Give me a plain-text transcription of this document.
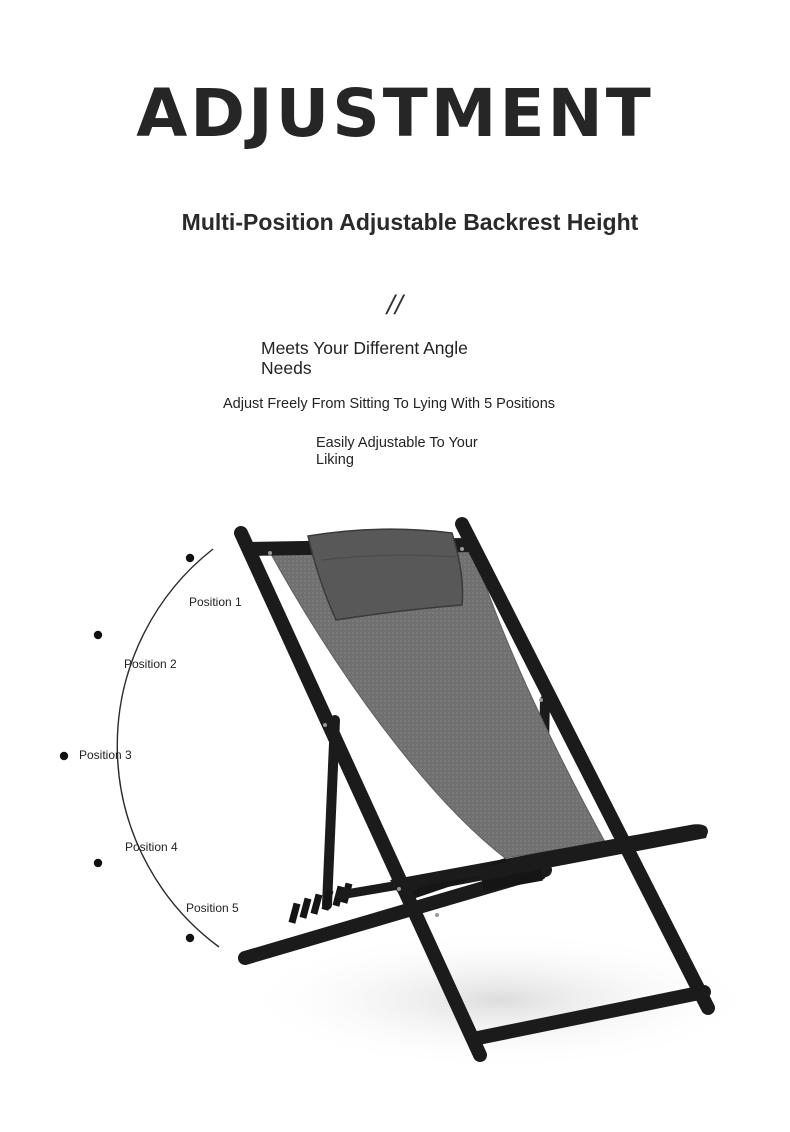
ADJUSTMENT
Multi-Position Adjustable Backrest Height
//
Meets Your Different Angle Needs
Adjust Freely From Sitting To Lying With 5 Positions
Easily Adjustable To Your Liking
Position 1
Position 2
Position 3
Position 4
Position 5
